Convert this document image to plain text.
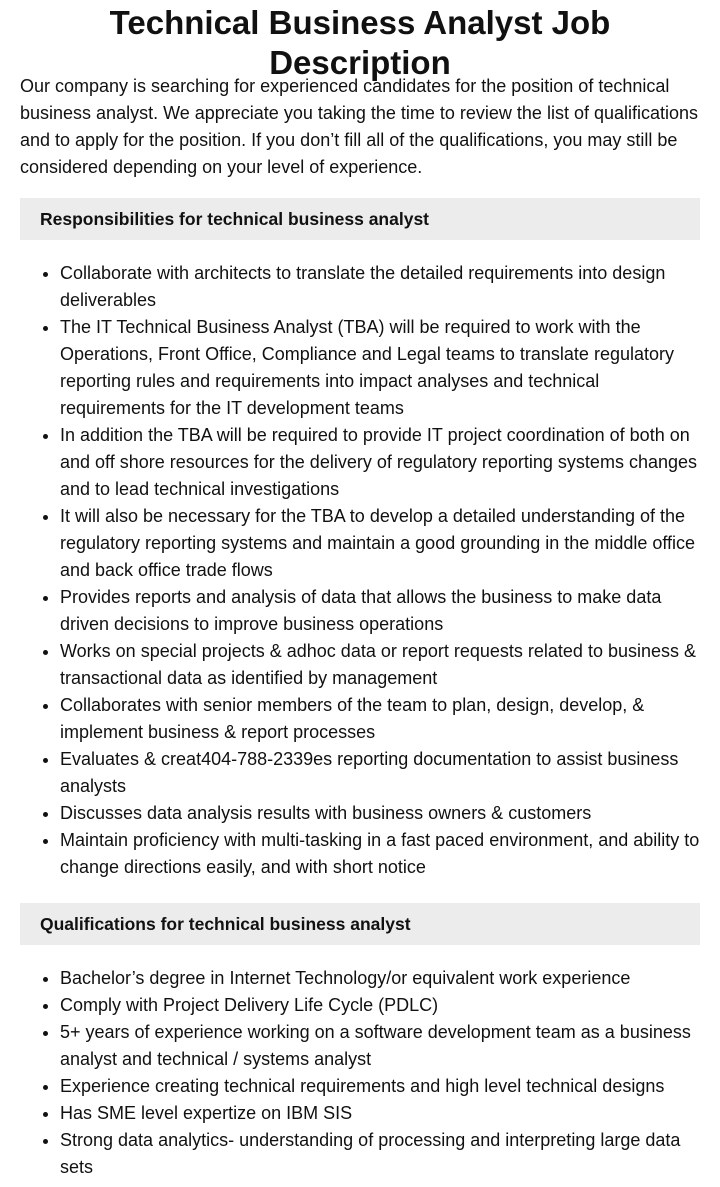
Technical Business Analyst Job Description

Our company is searching for experienced candidates for the position of technical business analyst. We appreciate you taking the time to review the list of qualifications and to apply for the position. If you don’t fill all of the qualifications, you may still be considered depending on your level of experience.

Responsibilities for technical business analyst
• Collaborate with architects to translate the detailed requirements into design deliverables
• The IT Technical Business Analyst (TBA) will be required to work with the Operations, Front Office, Compliance and Legal teams to translate regulatory reporting rules and requirements into impact analyses and technical requirements for the IT development teams
• In addition the TBA will be required to provide IT project coordination of both on and off shore resources for the delivery of regulatory reporting systems changes and to lead technical investigations
• It will also be necessary for the TBA to develop a detailed understanding of the regulatory reporting systems and maintain a good grounding in the middle office and back office trade flows
• Provides reports and analysis of data that allows the business to make data driven decisions to improve business operations
• Works on special projects & adhoc data or report requests related to business & transactional data as identified by management
• Collaborates with senior members of the team to plan, design, develop, & implement business & report processes
• Evaluates & creat404-788-2339es reporting documentation to assist business analysts
• Discusses data analysis results with business owners & customers
• Maintain proficiency with multi-tasking in a fast paced environment, and ability to change directions easily, and with short notice
Qualifications for technical business analyst
• Bachelor’s degree in Internet Technology/or equivalent work experience
• Comply with Project Delivery Life Cycle (PDLC)
• 5+ years of experience working on a software development team as a business analyst and technical / systems analyst
• Experience creating technical requirements and high level technical designs
• Has SME level expertize on IBM SIS
• Strong data analytics- understanding of processing and interpreting large data sets
